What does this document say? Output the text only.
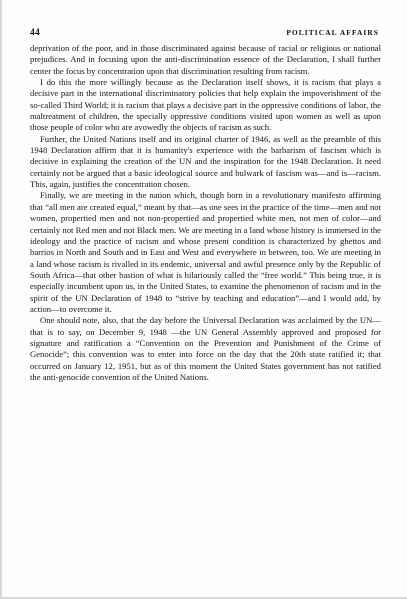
44	POLITICAL AFFAIRS

deprivation of the poor, and in those discriminated against because of racial or religious or national prejudices. And in focusing upon the anti-discrimination essence of the Declaration, I shall further center the focus by concentration upon that discrimination resulting from racism.

I do this the more willingly because as the Declaration itself shows, it is racism that plays a decisive part in the international discriminatory policies that help explain the impoverishment of the so-called Third World; it is racism that plays a decisive part in the oppressive conditions of labor, the maltreatment of children, the specially oppressive conditions visited upon women as well as upon those people of color who are avowedly the objects of racism as such.

Further, the United Nations itself and its original charter of 1946, as well as the preamble of this 1948 Declaration affirm that it is humanity's experience with the barbarism of fascism which is decisive in explaining the creation of the UN and the inspiration for the 1948 Declaration. It need certainly not be argued that a basic ideological source and bulwark of fascism was—and is—racism. This, again, justifies the concentration chosen.

Finally, we are meeting in the nation which, though born in a revolutionary manifesto affirming that “all men are created equal,” meant by that—as one sees in the practice of the time—men and not women, propertied men and not non-propertied and propertied white men, not men of color—and certainly not Red men and not Black men. We are meeting in a land whose history is immersed in the ideology and the practice of racism and whose present condition is characterized by ghettos and barrios in North and South and in East and West and everywhere in between, too. We are meeting in a land whose racism is rivalled in its endemic, universal and awful presence only by the Republic of South Africa—that other bastion of what is hilariously called the “free world.” This being true, it is especially incumbent upon us, in the United States, to examine the phenomenon of racism and in the spirit of the UN Declaration of 1948 to “strive by teaching and education”—and I would add, by action—to overcome it.

One should note, also, that the day before the Universal Declaration was acclaimed by the UN—that is to say, on December 9, 1948 —the UN General Assembly approved and proposed for signature and ratification a “Convention on the Prevention and Punishment of the Crime of Genocide”; this convention was to enter into force on the day that the 20th state ratified it; that occurred on January 12, 1951, but as of this moment the United States government has not ratified the anti-genocide convention of the United Nations.
